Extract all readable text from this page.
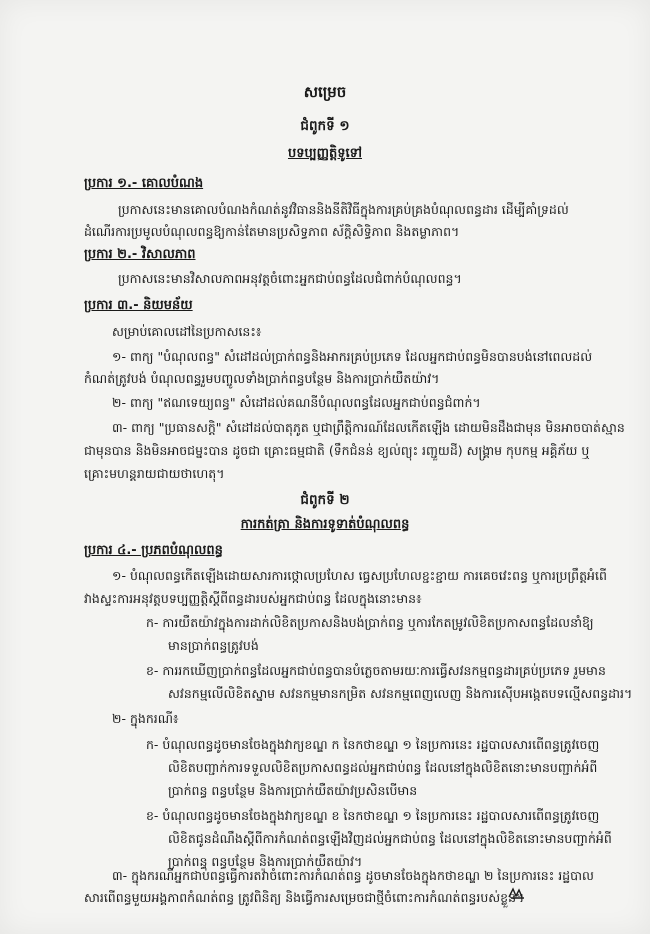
សម្រេច
ជំពូកទី ១
បទប្បញ្ញត្តិទូទៅ
ប្រការ ១.- គោលបំណង
ប្រកាសនេះមានគោលបំណងកំណត់នូវវិធាននិងនីតិវិធីក្នុងការគ្រប់គ្រងបំណុលពន្ធដារ ដើម្បីគាំទ្រដល់
ដំណើរការប្រមូលបំណុលពន្ធឱ្យកាន់តែមានប្រសិទ្ធភាព ស័ក្តិសិទ្ធិភាព និងតម្លាភាព។
ប្រការ ២.- វិសាលភាព
ប្រកាសនេះមានវិសាលភាពអនុវត្តចំពោះអ្នកជាប់ពន្ធដែលជំពាក់បំណុលពន្ធ។
ប្រការ ៣.- និយមន័យ
សម្រាប់គោលដៅនៃប្រកាសនេះ៖
១- ពាក្យ "បំណុលពន្ធ" សំដៅដល់ប្រាក់ពន្ធនិងអាករគ្រប់ប្រភេទ ដែលអ្នកជាប់ពន្ធមិនបានបង់នៅពេលដល់
កំណត់ត្រូវបង់ បំណុលពន្ធរួមបញ្ចូលទាំងប្រាក់ពន្ធបន្ថែម និងការប្រាក់យឺតយ៉ាវ។
២- ពាក្យ "ឥណទេយ្យពន្ធ" សំដៅដល់គណនីបំណុលពន្ធដែលអ្នកជាប់ពន្ធជំពាក់។
៣- ពាក្យ "ប្រធានសក្តិ" សំដៅដល់បាតុភូត ឬជាព្រឹត្តិការណ៍ដែលកើតឡើង ដោយមិនដឹងជាមុន មិនអាចបាត់ស្មាន
ជាមុនបាន និងមិនអាចជម្នះបាន ដូចជា គ្រោះធម្មជាតិ (ទឹកជំនន់ ខ្យល់ព្យុះ រញ្ជួយដី) សង្គ្រាម កុបកម្ម អគ្គិភ័យ ឬ
គ្រោះមហន្តរាយជាយថាហេតុ។
ជំពូកទី ២
ការកត់ត្រា និងការទូទាត់បំណុលពន្ធ
ប្រការ ៤.- ប្រភពបំណុលពន្ធ
១- បំណុលពន្ធកើតឡើងដោយសារការថ្កោលប្រហែស ធ្វេសប្រហែលខ្ជះខ្ជាយ ការគេចវេះពន្ធ ឬការប្រព្រឹត្តអំពើ
វាងស្ទះការអនុវត្តបទប្បញ្ញត្តិស្តីពីពន្ធដារបស់អ្នកជាប់ពន្ធ ដែលក្នុងនោះមាន៖
ក- ការយឺតយ៉ាវក្នុងការដាក់លិខិតប្រកាសនិងបង់ប្រាក់ពន្ធ ឬការកែតម្រូវលិខិតប្រកាសពន្ធដែលនាំឱ្យ
មានប្រាក់ពន្ធត្រូវបង់
ខ- ការរកឃើញប្រាក់ពន្ធដែលអ្នកជាប់ពន្ធបានបំភ្លេចតាមរយៈការធ្វើសវនកម្មពន្ធដារគ្រប់ប្រភេទ រួមមាន
សវនកម្មលើលិខិតស្នាម សវនកម្មមានកម្រិត សវនកម្មពេញលេញ និងការស៊ើបអង្កេតបទល្មើសពន្ធដារ។
២- ក្នុងករណី៖
ក- បំណុលពន្ធដូចមានចែងក្នុងវាក្យខណ្ឌ ក នៃកថាខណ្ឌ ១ នៃប្រការនេះ រដ្ឋបាលសារពើពន្ធត្រូវចេញ
លិខិតបញ្ជាក់ការទទួលលិខិតប្រកាសពន្ធដល់អ្នកជាប់ពន្ធ ដែលនៅក្នុងលិខិតនោះមានបញ្ជាក់អំពី
ប្រាក់ពន្ធ ពន្ធបន្ថែម និងការប្រាក់យឺតយ៉ាវប្រសិនបើមាន
ខ- បំណុលពន្ធដូចមានចែងក្នុងវាក្យខណ្ឌ ខ នៃកថាខណ្ឌ ១ នៃប្រការនេះ រដ្ឋបាលសារពើពន្ធត្រូវចេញ
លិខិតជូនដំណឹងស្តីពីការកំណត់ពន្ធឡើងវិញដល់អ្នកជាប់ពន្ធ ដែលនៅក្នុងលិខិតនោះមានបញ្ជាក់អំពី
ប្រាក់ពន្ធ ពន្ធបន្ថែម និងការប្រាក់យឺតយ៉ាវ។
៣- ក្នុងករណីអ្នកជាប់ពន្ធធ្វើការតវ៉ាចំពោះការកំណត់ពន្ធ ដូចមានចែងក្នុងកថាខណ្ឌ ២ នៃប្រការនេះ រដ្ឋបាល
សារពើពន្ធមួយអង្គភាពកំណត់ពន្ធ ត្រូវពិនិត្យ និងធ្វើការសម្រេចជាថ្មីចំពោះការកំណត់ពន្ធរបស់ខ្លួន។
